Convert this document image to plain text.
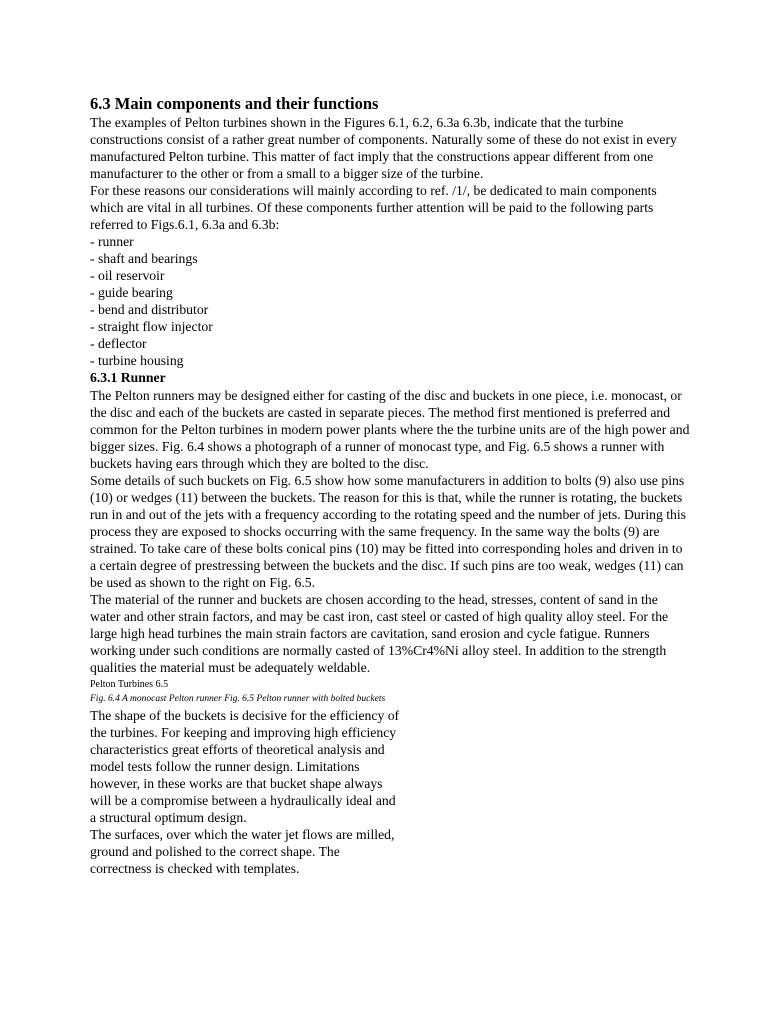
6.3 Main components and their functions

The examples of Pelton turbines shown in the Figures 6.1, 6.2, 6.3a 6.3b, indicate that the turbine constructions consist of a rather great number of components. Naturally some of these do not exist in every manufactured Pelton turbine. This matter of fact imply that the constructions appear different from one manufacturer to the other or from a small to a bigger size of the turbine.

For these reasons our considerations will mainly according to ref. /1/, be dedicated to main components which are vital in all turbines. Of these components further attention will be paid to the following parts referred to Figs.6.1, 6.3a and 6.3b:

- runner
- shaft and bearings
- oil reservoir
- guide bearing
- bend and distributor
- straight flow injector
- deflector
- turbine housing
6.3.1 Runner

The Pelton runners may be designed either for casting of the disc and buckets in one piece, i.e. monocast, or the disc and each of the buckets are casted in separate pieces. The method first mentioned is preferred and common for the Pelton turbines in modern power plants where the the turbine units are of the high power and bigger sizes. Fig. 6.4 shows a photograph of a runner of monocast type, and Fig. 6.5 shows a runner with buckets having ears through which they are bolted to the disc.

Some details of such buckets on Fig. 6.5 show how some manufacturers in addition to bolts (9) also use pins (10) or wedges (11) between the buckets. The reason for this is that, while the runner is rotating, the buckets run in and out of the jets with a frequency according to the rotating speed and the number of jets. During this process they are exposed to shocks occurring with the same frequency. In the same way the bolts (9) are strained. To take care of these bolts conical pins (10) may be fitted into corresponding holes and driven in to a certain degree of prestressing between the buckets and the disc. If such pins are too weak, wedges (11) can be used as shown to the right on Fig. 6.5.

The material of the runner and buckets are chosen according to the head, stresses, content of sand in the water and other strain factors, and may be cast iron, cast steel or casted of high quality alloy steel. For the large high head turbines the main strain factors are cavitation, sand erosion and cycle fatigue. Runners working under such conditions are normally casted of 13%Cr4%Ni alloy steel. In addition to the strength qualities the material must be adequately weldable.

Pelton Turbines 6.5

Fig. 6.4 A monocast Pelton runner Fig. 6.5 Pelton runner with bolted buckets

The shape of the buckets is decisive for the efficiency of the turbines. For keeping and improving high efficiency characteristics great efforts of theoretical analysis and model tests follow the runner design. Limitations however, in these works are that bucket shape always will be a compromise between a hydraulically ideal and a structural optimum design.

The surfaces, over which the water jet flows are milled, ground and polished to the correct shape. The correctness is checked with templates.
